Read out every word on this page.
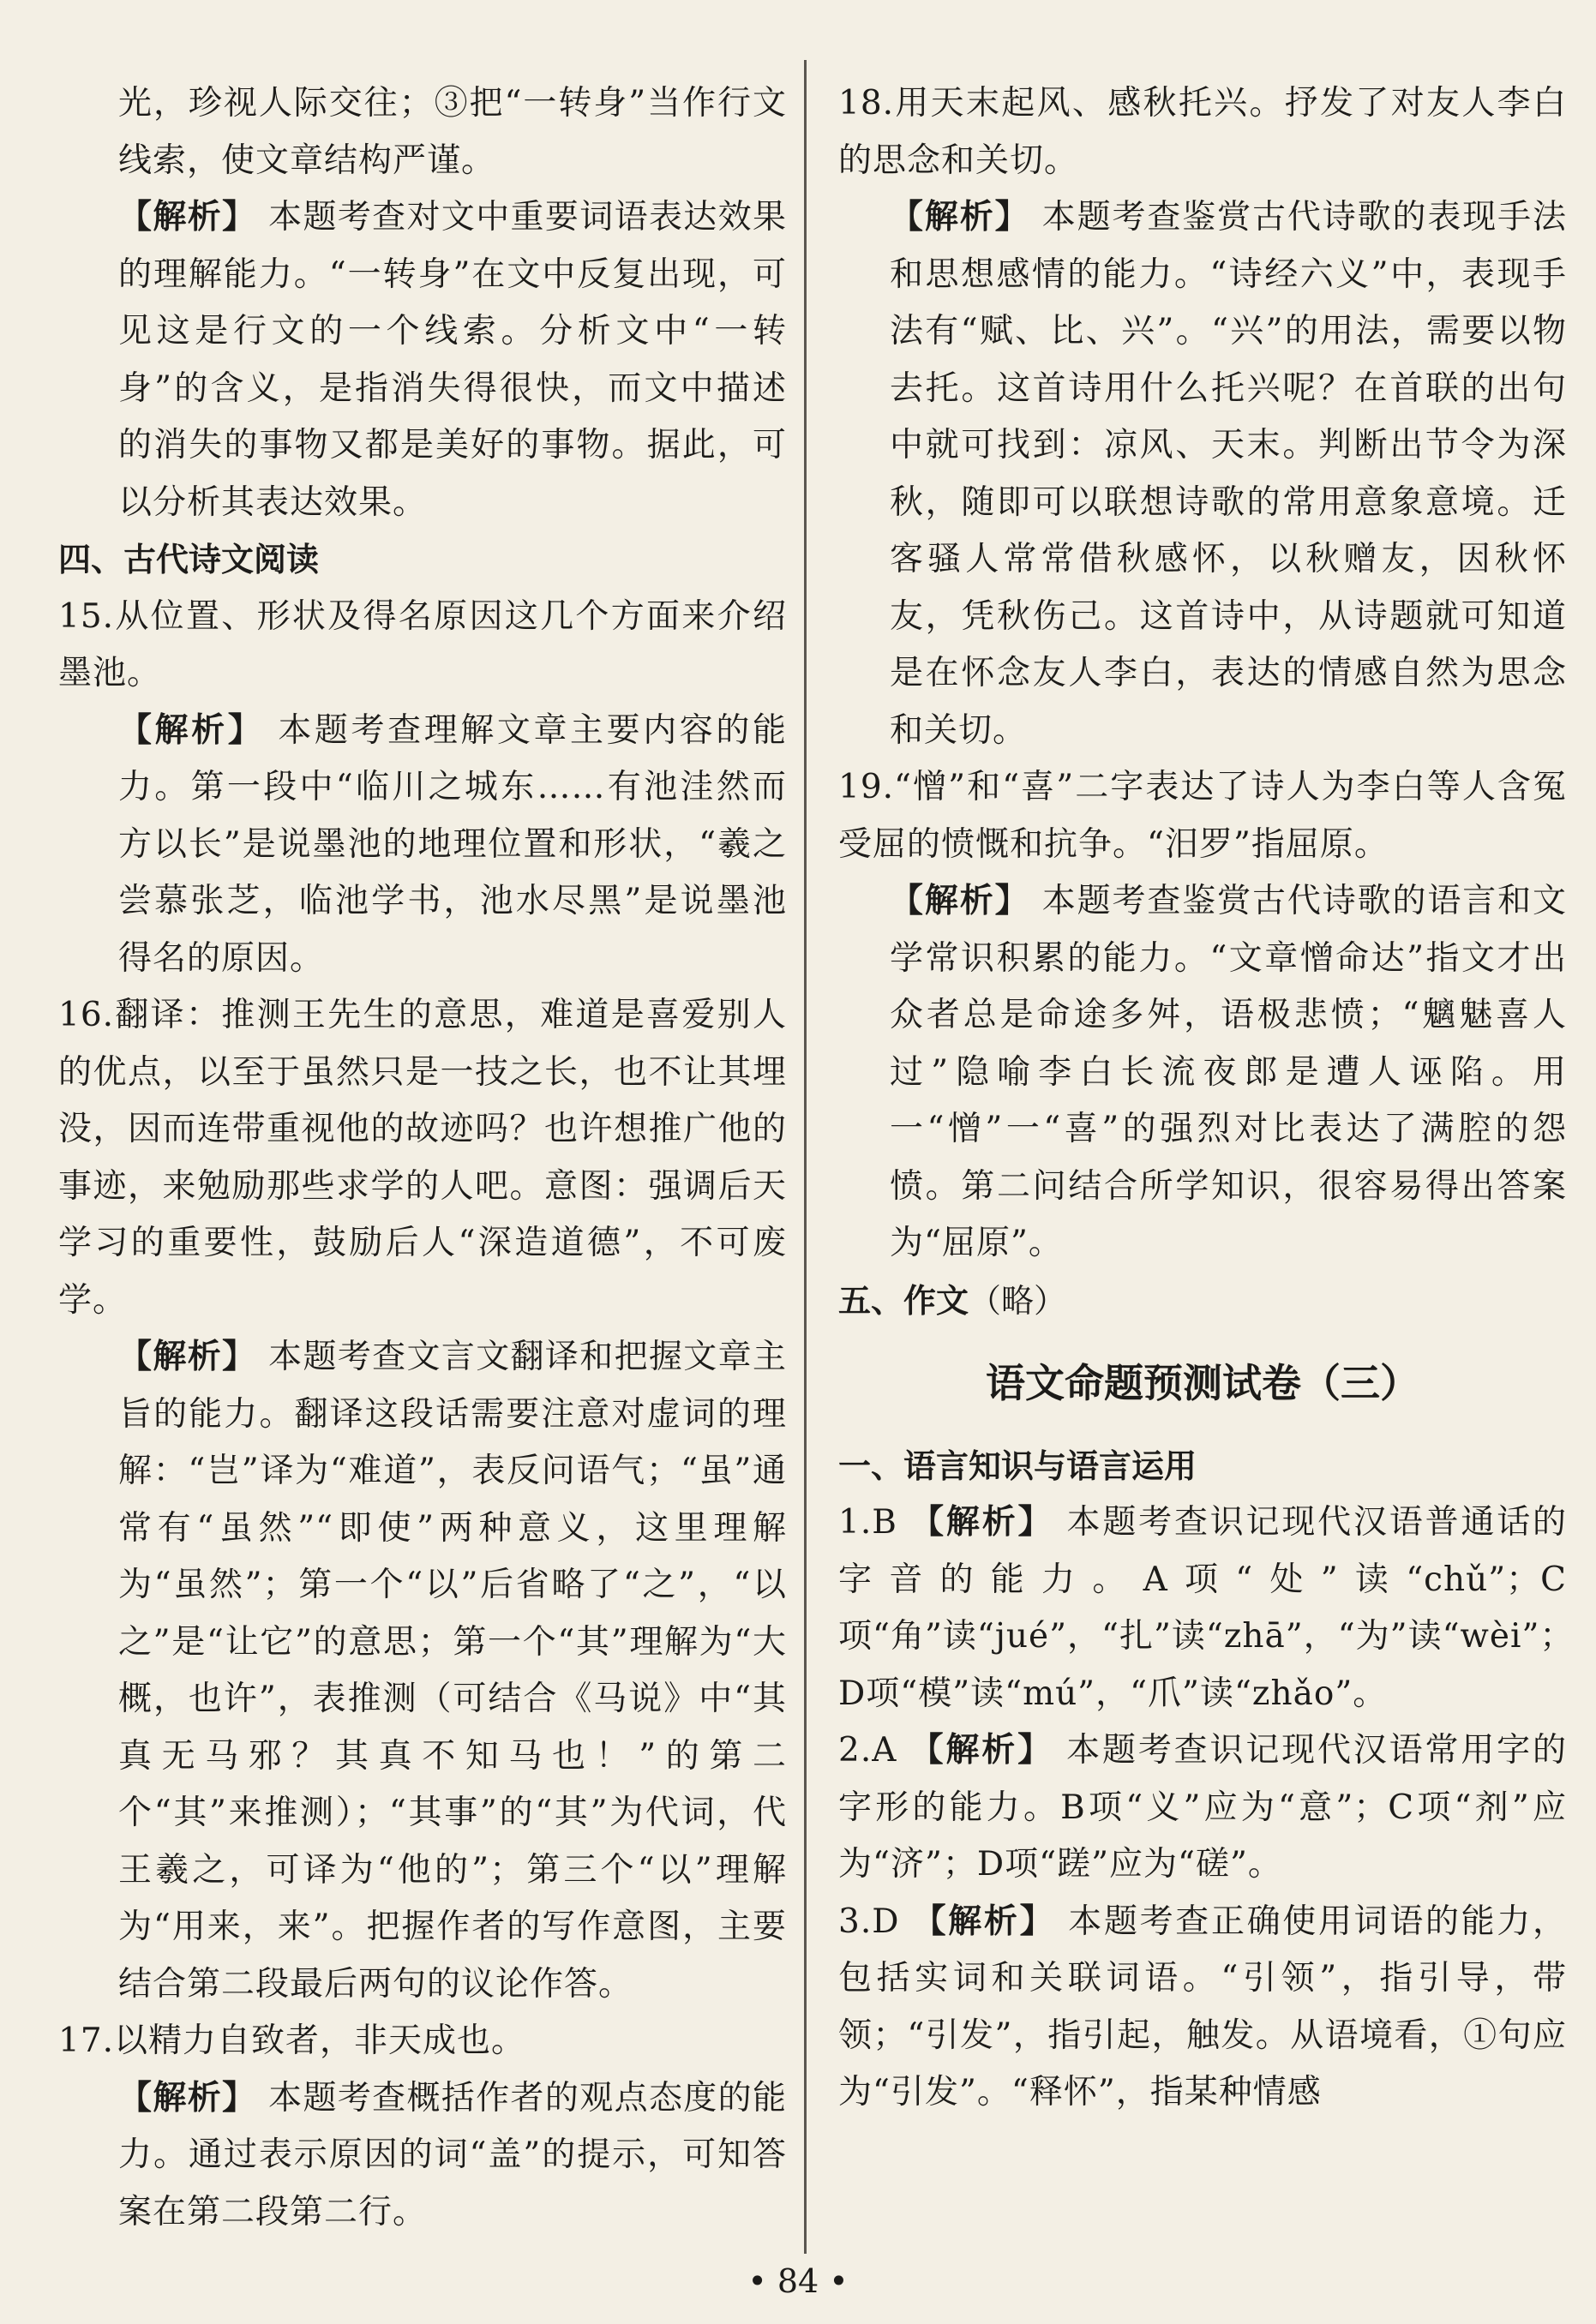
光，珍视人际交往；③把“一转身”当作行文线索，使文章结构严谨。

【解析】 本题考查对文中重要词语表达效果的理解能力。“一转身”在文中反复出现，可见这是行文的一个线索。分析文中“一转身”的含义，是指消失得很快，而文中描述的消失的事物又都是美好的事物。据此，可以分析其表达效果。

四、古代诗文阅读

15.从位置、形状及得名原因这几个方面来介绍墨池。

【解析】 本题考查理解文章主要内容的能力。第一段中“临川之城东……有池洼然而方以长”是说墨池的地理位置和形状，“羲之尝慕张芝，临池学书，池水尽黑”是说墨池得名的原因。

16.翻译：推测王先生的意思，难道是喜爱别人的优点，以至于虽然只是一技之长，也不让其埋没，因而连带重视他的故迹吗？也许想推广他的事迹，来勉励那些求学的人吧。意图：强调后天学习的重要性，鼓励后人“深造道德”，不可废学。

【解析】 本题考查文言文翻译和把握文章主旨的能力。翻译这段话需要注意对虚词的理解：“岂”译为“难道”，表反问语气；“虽”通常有“虽然”“即使”两种意义，这里理解为“虽然”；第一个“以”后省略了“之”，“以之”是“让它”的意思；第一个“其”理解为“大概，也许”，表推测（可结合《马说》中“其真无马邪？其真不知马也！”的第二个“其”来推测）；“其事”的“其”为代词，代王羲之，可译为“他的”；第三个“以”理解为“用来，来”。把握作者的写作意图，主要结合第二段最后两句的议论作答。

17.以精力自致者，非天成也。

【解析】 本题考查概括作者的观点态度的能力。通过表示原因的词“盖”的提示，可知答案在第二段第二行。

18.用天末起风、感秋托兴。抒发了对友人李白的思念和关切。

【解析】 本题考查鉴赏古代诗歌的表现手法和思想感情的能力。“诗经六义”中，表现手法有“赋、比、兴”。“兴”的用法，需要以物去托。这首诗用什么托兴呢？在首联的出句中就可找到：凉风、天末。判断出节令为深秋，随即可以联想诗歌的常用意象意境。迁客骚人常常借秋感怀，以秋赠友，因秋怀友，凭秋伤己。这首诗中，从诗题就可知道是在怀念友人李白，表达的情感自然为思念和关切。

19.“憎”和“喜”二字表达了诗人为李白等人含冤受屈的愤慨和抗争。“汨罗”指屈原。

【解析】 本题考查鉴赏古代诗歌的语言和文学常识积累的能力。“文章憎命达”指文才出众者总是命途多舛，语极悲愤；“魑魅喜人过”隐喻李白长流夜郎是遭人诬陷。用一“憎”一“喜”的强烈对比表达了满腔的怨愤。第二问结合所学知识，很容易得出答案为“屈原”。

五、作文（略）

语文命题预测试卷（三）

一、语言知识与语言运用

1.B 【解析】 本题考查识记现代汉语普通话的字音的能力。A项“处”读“chǔ”；C项“角”读“jué”，“扎”读“zhā”，“为”读“wèi”；D项“模”读“mú”，“爪”读“zhǎo”。

2.A 【解析】 本题考查识记现代汉语常用字的字形的能力。B项“义”应为“意”；C项“剂”应为“济”；D项“蹉”应为“磋”。

3.D 【解析】 本题考查正确使用词语的能力，包括实词和关联词语。“引领”，指引导，带领；“引发”，指引起，触发。从语境看，①句应为“引发”。“释怀”，指某种情感

• 84 •
